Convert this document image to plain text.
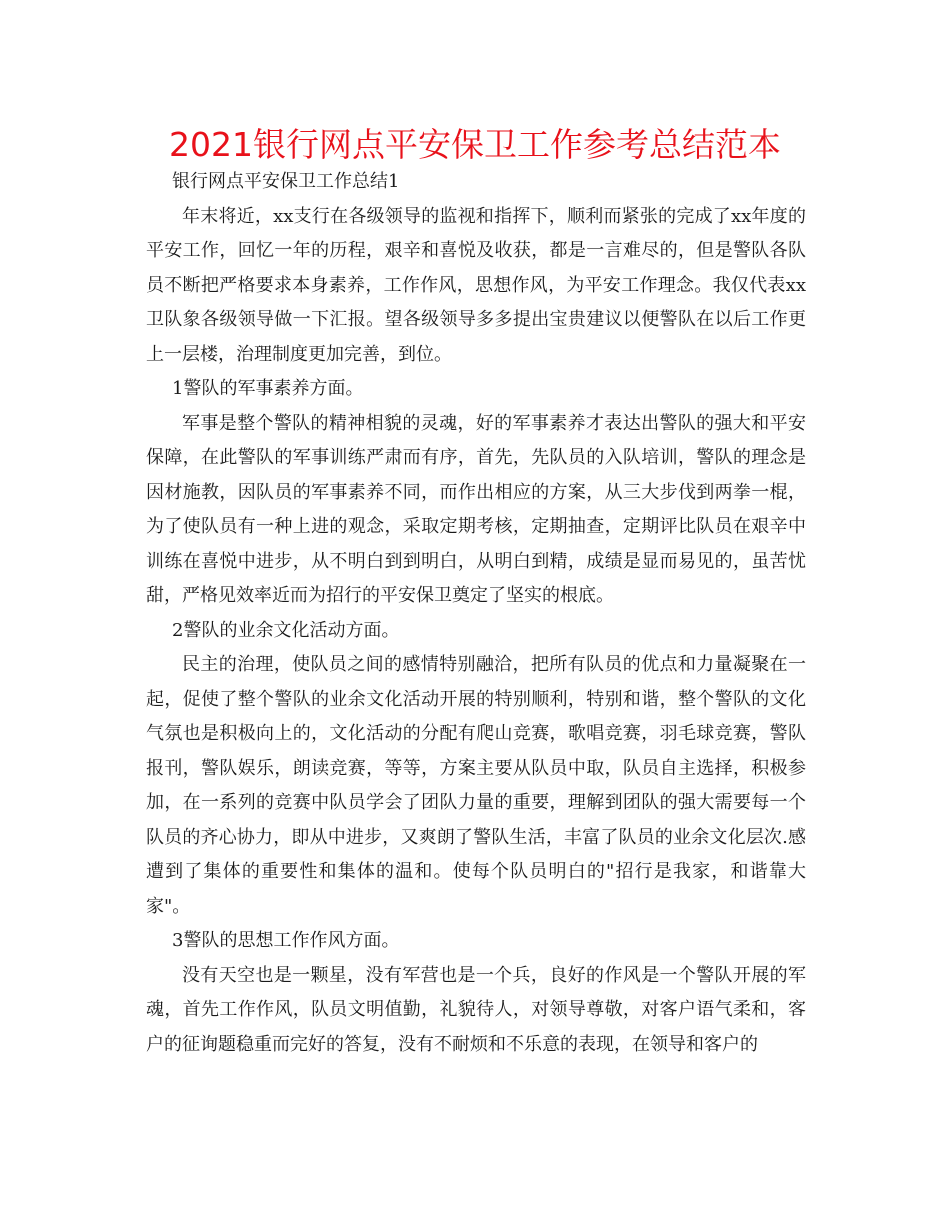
2021银行网点平安保卫工作参考总结范本

银行网点平安保卫工作总结1

年末将近，xx支行在各级领导的监视和指挥下，顺利而紧张的完成了xx年度的平安工作，回忆一年的历程，艰辛和喜悦及收获，都是一言难尽的，但是警队各队员不断把严格要求本身素养，工作作风，思想作风，为平安工作理念。我仅代表xx卫队象各级领导做一下汇报。望各级领导多多提出宝贵建议以便警队在以后工作更上一层楼，治理制度更加完善，到位。

1警队的军事素养方面。

军事是整个警队的精神相貌的灵魂，好的军事素养才表达出警队的强大和平安保障，在此警队的军事训练严肃而有序，首先，先队员的入队培训，警队的理念是因材施教，因队员的军事素养不同，而作出相应的方案，从三大步伐到两拳一棍，为了使队员有一种上进的观念，采取定期考核，定期抽查，定期评比队员在艰辛中训练在喜悦中进步，从不明白到到明白，从明白到精，成绩是显而易见的，虽苦忧甜，严格见效率近而为招行的平安保卫奠定了坚实的根底。

2警队的业余文化活动方面。

民主的治理，使队员之间的感情特别融洽，把所有队员的优点和力量凝聚在一起，促使了整个警队的业余文化活动开展的特别顺利，特别和谐，整个警队的文化气氛也是积极向上的，文化活动的分配有爬山竞赛，歌唱竞赛，羽毛球竞赛，警队报刊，警队娱乐，朗读竞赛，等等，方案主要从队员中取，队员自主选择，积极参加，在一系列的竞赛中队员学会了团队力量的重要，理解到团队的强大需要每一个队员的齐心协力，即从中进步，又爽朗了警队生活，丰富了队员的业余文化层次.感遭到了集体的重要性和集体的温和。使每个队员明白的"招行是我家，和谐靠大家"。

3警队的思想工作作风方面。

没有天空也是一颗星，没有军营也是一个兵，良好的作风是一个警队开展的军魂，首先工作作风，队员文明值勤，礼貌待人，对领导尊敬，对客户语气柔和，客户的征询题稳重而完好的答复，没有不耐烦和不乐意的表现，在领导和客户的
